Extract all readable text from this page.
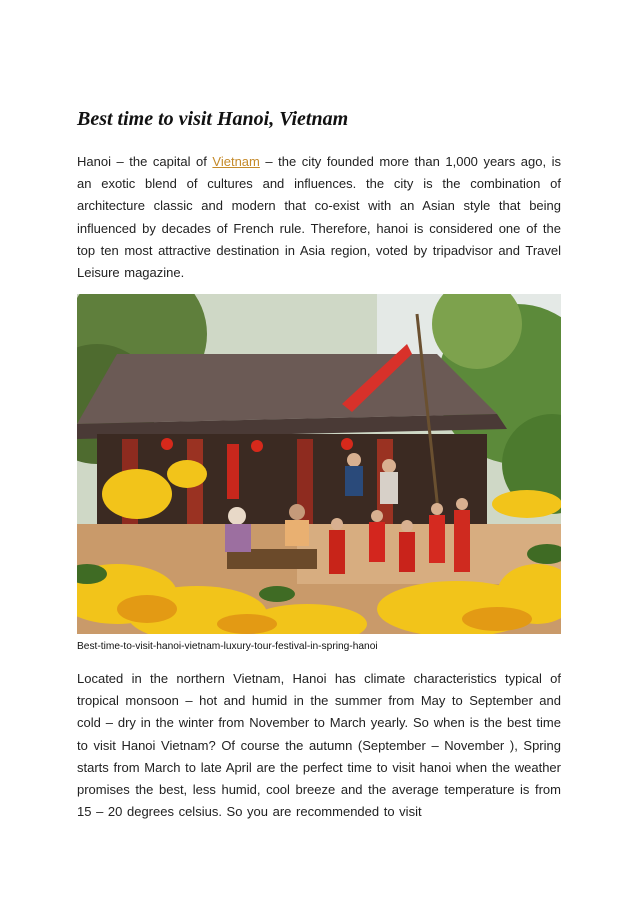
Best time to visit Hanoi, Vietnam

Hanoi – the capital of Vietnam – the city founded more than 1,000 years ago, is an exotic blend of cultures and influences. the city is the combination of architecture classic and modern that co-exist with an Asian style that being influenced by decades of French rule. Therefore, hanoi is considered one of the top ten most attractive destination in Asia region, voted by tripadvisor and Travel Leisure magazine.

Best-time-to-visit-hanoi-vietnam-luxury-tour-festival-in-spring-hanoi

Located in the northern Vietnam, Hanoi has climate characteristics typical of tropical monsoon – hot and humid in the summer from May to September and cold – dry in the winter from November to March yearly. So when is the best time to visit Hanoi Vietnam? Of course the autumn (September – November ), Spring starts from March to late April are the perfect time to visit hanoi when the weather promises the best, less humid, cool breeze and the average temperature is from 15 – 20 degrees celsius. So you are recommended to visit
